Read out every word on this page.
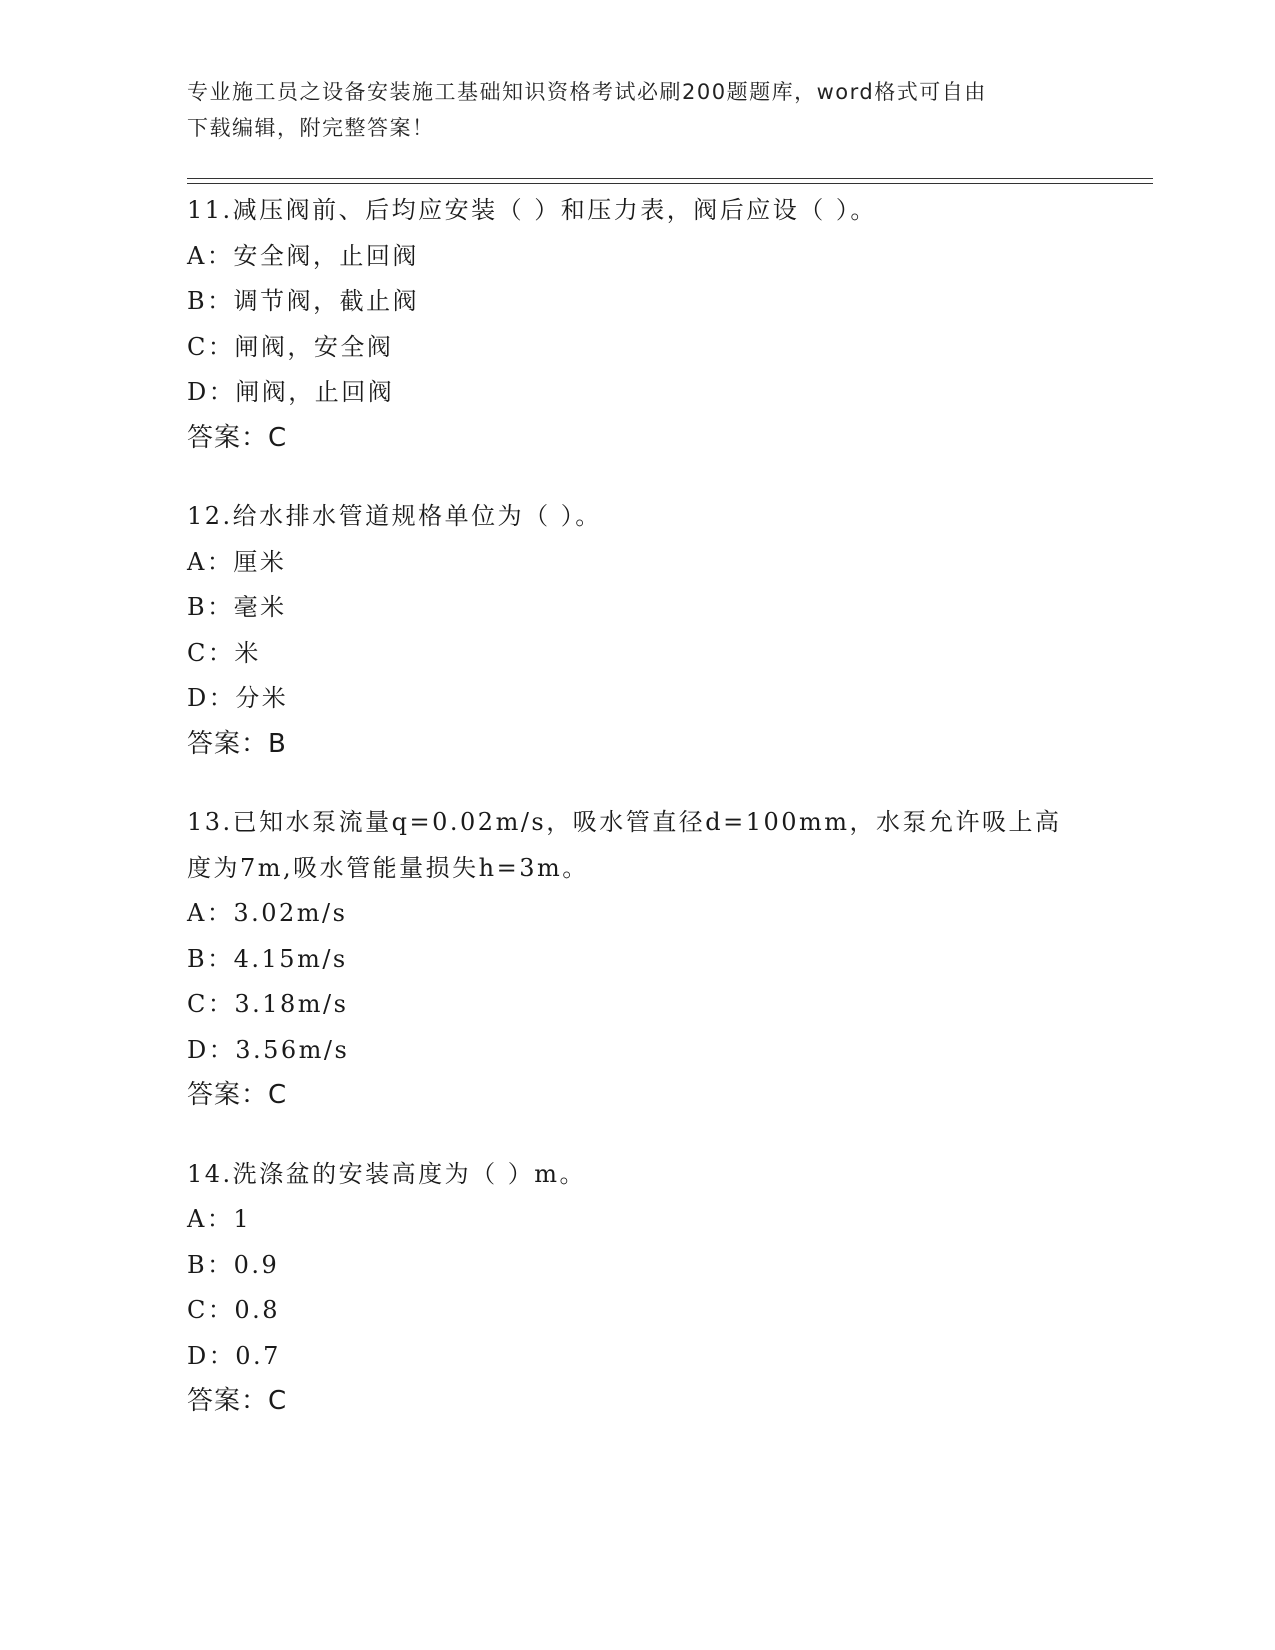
专业施工员之设备安装施工基础知识资格考试必刷200题题库，word格式可自由

下载编辑，附完整答案！

11.减压阀前、后均应安装（ ）和压力表，阀后应设（ ）。
A：安全阀，止回阀
B：调节阀，截止阀
C：闸阀，安全阀
D：闸阀，止回阀
答案：C
12.给水排水管道规格单位为（ ）。
A：厘米
B：毫米
C：米
D：分米
答案：B
13.已知水泵流量q=0.02m/s，吸水管直径d=100mm，水泵允许吸上高
度为7m,吸水管能量损失h=3m。
A：3.02m/s
B：4.15m/s
C：3.18m/s
D：3.56m/s
答案：C
14.洗涤盆的安装高度为（ ）m。
A：1
B：0.9
C：0.8
D：0.7
答案：C
